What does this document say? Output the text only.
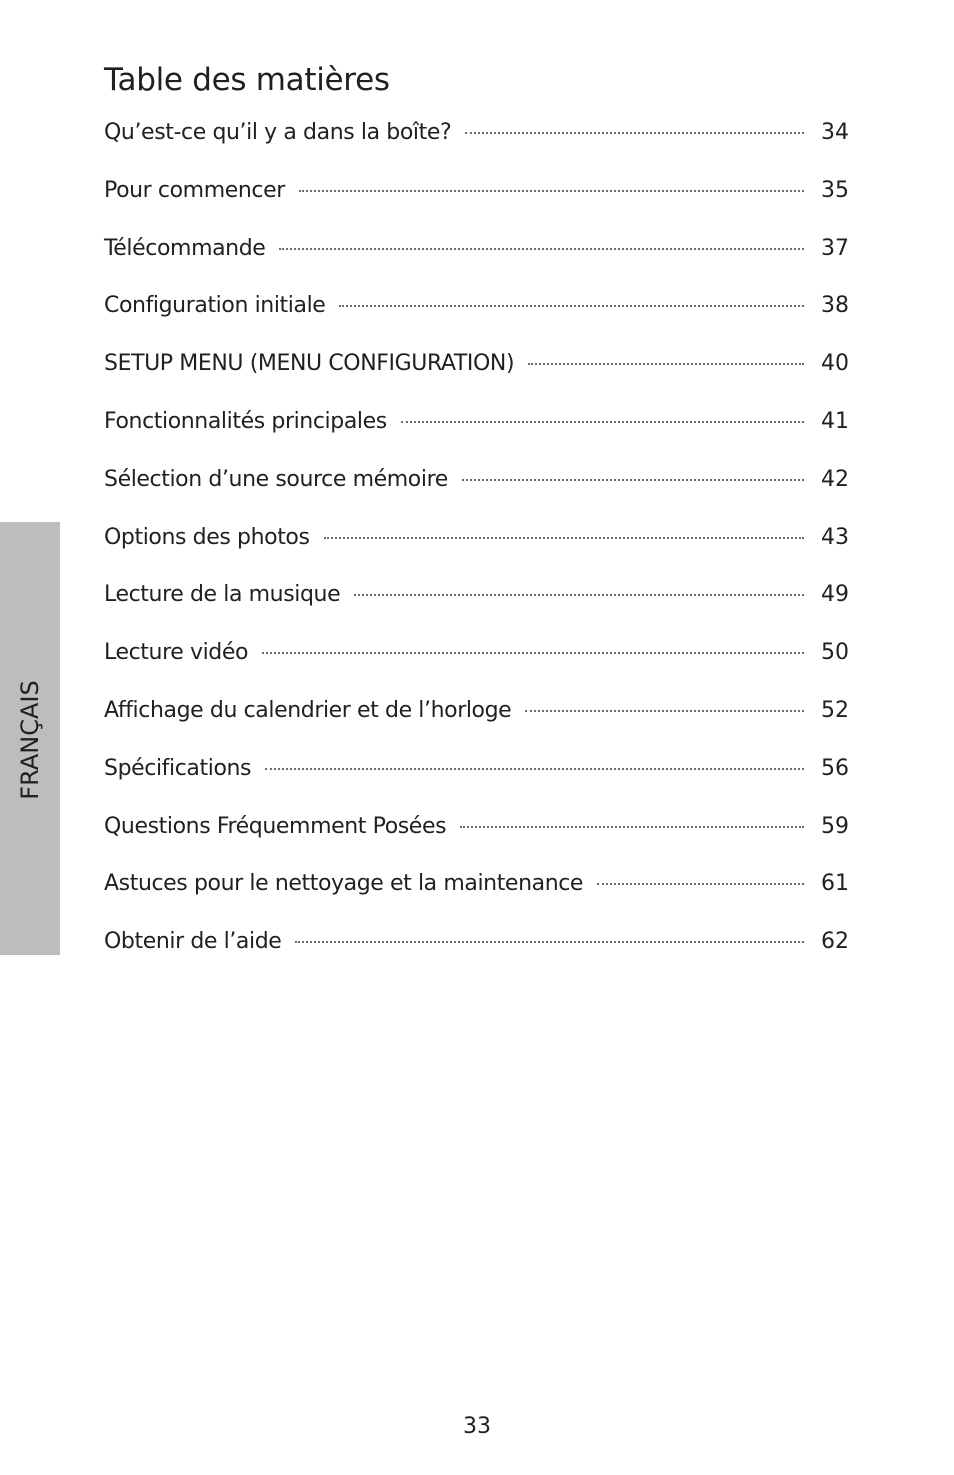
Table des matières
Qu’est-ce qu’il y a dans la boîte?	34
Pour commencer	35
Télécommande	37
Configuration initiale	38
SETUP MENU (MENU CONFIGURATION)	40
Fonctionnalités principales	41
Sélection d’une source mémoire	42
Options des photos	43
Lecture de la musique	49
Lecture vidéo	50
Affichage du calendrier et de l’horloge	52
Spécifications	56
Questions Fréquemment Posées	59
Astuces pour le nettoyage et la maintenance	61
Obtenir de l’aide	62
FRANÇAIS
33
